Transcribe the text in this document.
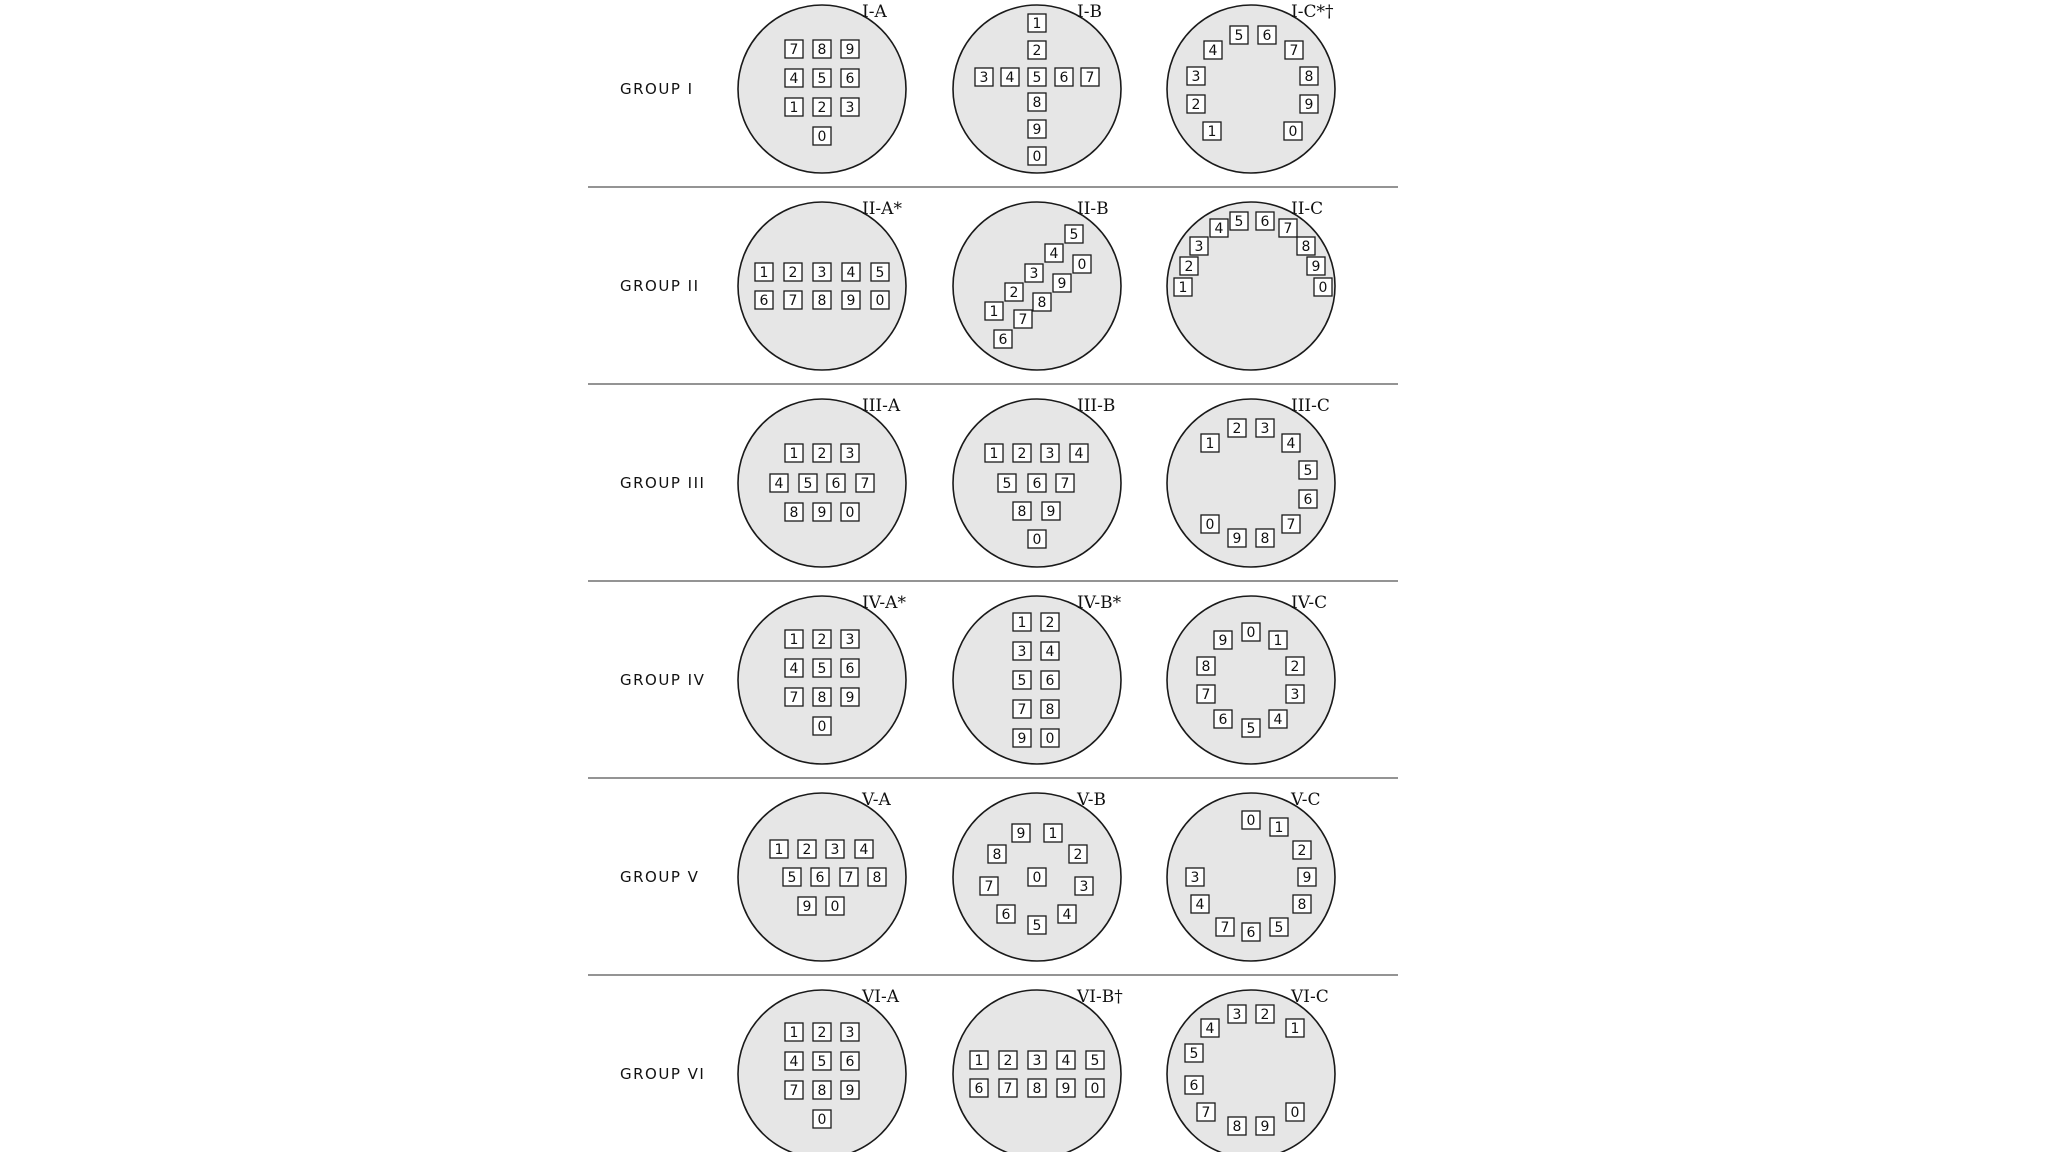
GROUP I
I-A
7 8 9
4 5 6
1 2 3
0
I-B
1
2
3 4 5 6 7
8
9
0
I-C*†
5 6
4	7
3	8
2	9
1	0
GROUP II
II-A*
1 2 3 4 5
6 7 8 9 0
II-B
5
4
0
3
9
2
8
1 7
6
II-C
5 6
4	7
3	8
2	9
1	0
GROUP III
III-A
1 2 3
4 5 6 7
8 9 0
III-B
1 2 3 4
5 6 7
8 9
0
III-C
2 3
1	4
5
6
7
0
9 8
GROUP IV
IV-A*
1 2 3
4 5 6
7 8 9
0
IV-B*
1 2
3 4
5 6
7 8
9 0
IV-C
0
9	1
8	2
7	3
6	4
5
GROUP V
V-A
1 2 3 4
5 6 7 8
9 0
V-B
9 1
8	2
7
0
3
6	4
5
V-C
0 1
2
9
3
8
4
7 6 5
GROUP VI
VI-A
1 2 3
4 5 6
7 8 9
0
VI-B†
1 2 3 4 5
6 7 8 9 0
VI-C
3 2
4	1
5
6
7	0
8 9
